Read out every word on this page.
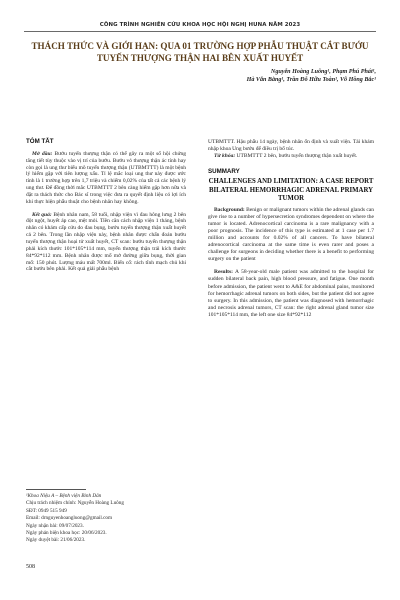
CÔNG TRÌNH NGHIÊN CỨU KHOA HỌC HỘI NGHỊ HUNA NĂM 2023
THÁCH THỨC VÀ GIỚI HẠN: QUA 01 TRƯỜNG HỢP PHẪU THUẬT CẮT BƯỚU TUYẾN THƯỢNG THẬN HAI BÊN XUẤT HUYẾT
Nguyễn Hoàng Luông¹, Phạm Phú Phát¹,
Hà Văn Bằng¹, Trần Đỗ Hữu Toàn¹, Võ Hồng Bắc¹
TÓM TẮT

Mở đầu: Bướu tuyến thượng thận có thể gây ra một số hội chứng tăng tiết tùy thuộc vào vị trí của bướu. Bướu vỏ thượng thận ác tính hay còn gọi là ung thư biểu mô tuyến thượng thận (UTBMTTT) là một bệnh lý hiếm gặp với tiên lượng xấu. Tỉ lệ mắc loại ung thư này được ước tính là 1 trường hợp trên 1,7 triệu và chiếm 0,02% của tất cả các bệnh lý ung thư. Để đồng thời mắc UTBMTTT 2 bên càng hiếm gặp hơn nữa và đặt ra thách thức cho Bác sĩ trong việc đưa ra quyết định liệu có lợi ích khi thực hiện phẫu thuật cho bệnh nhân hay không.

Kết quả: Bệnh nhân nam, 58 tuổi, nhập viện vì đau hông lưng 2 bên đột ngột, huyết áp cao, mệt mỏi. Tiền căn cách nhập viện 1 tháng, bệnh nhân có khám cấp cứu do đau bụng, bướu tuyến thượng thận xuất huyết cả 2 bên. Trong lần nhập viện này, bệnh nhân được chẩn đoán bướu tuyến thượng thận hoại tử xuất huyết, CT scan: bướu tuyến thượng thận phải kích thước 101*105*114 mm, tuyến thượng thận trái kích thước 84*92*112 mm. Bệnh nhân được mổ mở đường giữa bụng, thời gian mổ: 150 phút. Lượng máu mất 700ml. Biến cố: rách tĩnh mạch chủ khi cắt bướu bên phải. Kết quả giải phẫu bệnh

UTBMTTT. Hậu phẫu 14 ngày, bệnh nhân ổn định và xuất viện. Tái khám nhập khoa Ung bướu để điều trị bổ túc.

Từ khóa: UTBMTTT 2 bên, bướu tuyến thượng thận xuất huyết.

SUMMARY
CHALLENGES AND LIMITATION: A CASE REPORT BILATERAL HEMORRHAGIC ADRENAL PRIMARY TUMOR

Background: Benign or malignant tumors within the adrenal glands can give rise to a number of hypersecretion syndromes dependent on where the tumor is located. Adrenocortical carcinoma is a rare malignancy with a poor prognosis. The incidence of this type is estimated at 1 case per 1.7 million and accounts for 0.02% of all cancers. To have bilateral adrenocortical carcinoma at the same time is even rarer and poses a challenge for surgeons in deciding whether there is a benefit to performing surgery on the patient

Results: A 58-year-old male patient was admitted to the hospital for sudden bilateral back pain, high blood pressure, and fatigue. One month before admission, the patient went to A&E for abdominal pains, monitored for hemorrhagic adrenal tumors on both sides, but the patient did not agree to surgery. In this admission, the patient was diagnosed with hemorrhagic and necrosis adrenal tumors, CT scan: the right adrenal gland tumor size 101*105*114 mm, the left one size 84*92*112

¹Khoa Niệu A – Bệnh viện Bình Dân
Chịu trách nhiệm chính: Nguyễn Hoàng Luông
SĐT: 0949 515 949
Email: drnguyenhoangluong@gmail.com
Ngày nhận bài: 09/07/2023.
Ngày phản biện khoa học: 20/06/2023.
Ngày duyệt bài: 21/06/2023.
508
